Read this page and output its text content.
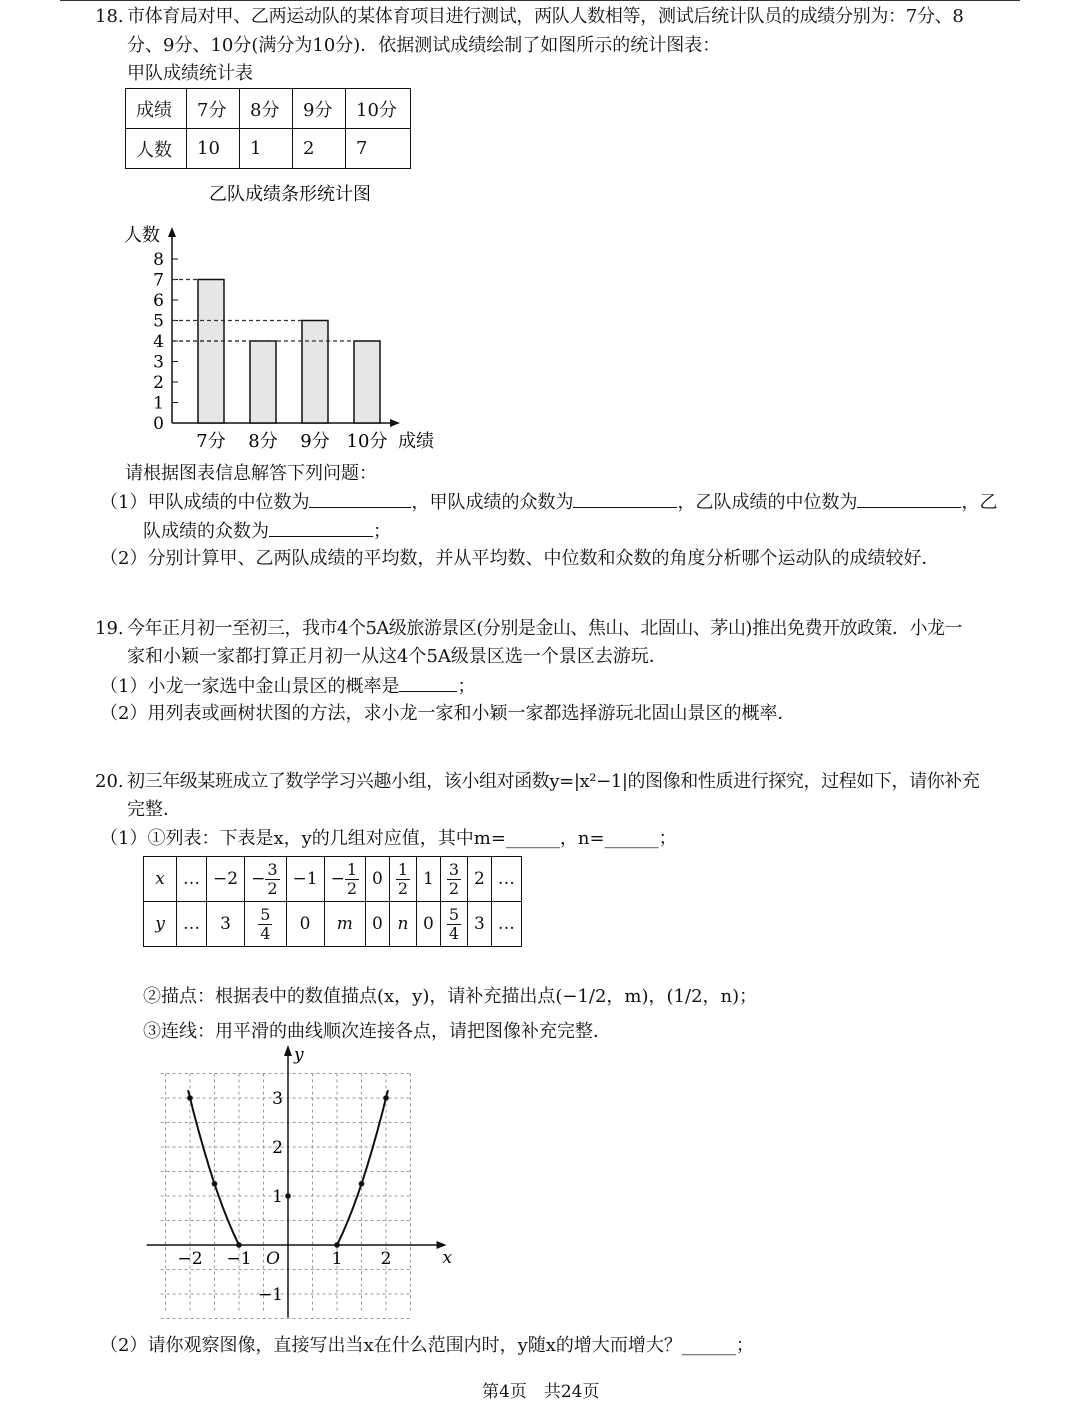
18. 市体育局对甲、乙两运动队的某体育项目进行测试，两队人数相等，测试后统计队员的成绩分别为：7分、8
分、9分、10分(满分为10分)．依据测试成绩绘制了如图所示的统计图表：
甲队成绩统计表
成绩	7分	8分	9分	10分
人数	10	1	2	7
乙队成绩条形统计图
人数
成绩
0
1
2
3
4
5
6
7
8
7分 8分 9分 10分
请根据图表信息解答下列问题：
（1）甲队成绩的中位数为	，甲队成绩的众数为	，乙队成绩的中位数为	，乙
队成绩的众数为	；
（2）分别计算甲、乙两队成绩的平均数，并从平均数、中位数和众数的角度分析哪个运动队的成绩较好．
19. 今年正月初一至初三，我市4个5A级旅游景区(分别是金山、焦山、北固山、茅山)推出免费开放政策．小龙一
家和小颖一家都打算正月初一从这4个5A级景区选一个景区去游玩．
（1）小龙一家选中金山景区的概率是	；
（2）用列表或画树状图的方法，求小龙一家和小颖一家都选择游玩北固山景区的概率．
20. 初三年级某班成立了数学学习兴趣小组，该小组对函数y=|x²−1|的图像和性质进行探究，过程如下，请你补充
完整．
（1）①列表：下表是x，y的几组对应值，其中m=______，n=______；
x	…	−2	− $\frac{3}{2}$	−1	− $\frac{1}{2}$	0	$\frac{1}{2}$	1	$\frac{3}{2}$	2	…
y	…	3	$\frac{5}{4}$	0	m	0	n	0	$\frac{5}{4}$	3	…
②描点：根据表中的数值描点(x，y)，请补充描出点(−1/2，m)，(1/2，n)；
③连线：用平滑的曲线顺次连接各点，请把图像补充完整．
x
y
O
−2 −1	1 2
3
2
1
−1
（2）请你观察图像，直接写出当x在什么范围内时，y随x的增大而增大？______；
第4页　共24页
